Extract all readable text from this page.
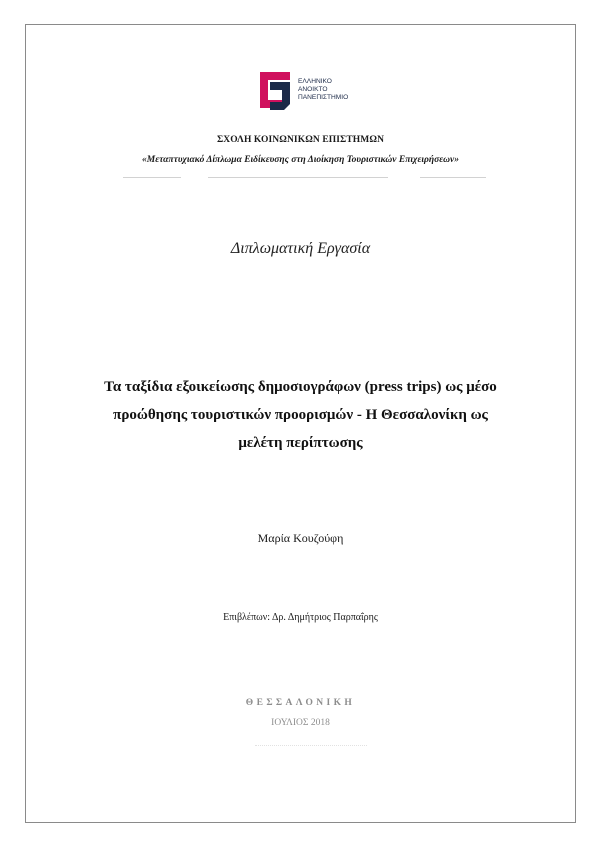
ΕΛΛΗΝΙΚΟ
ΑΝΟΙΚΤΟ
ΠΑΝΕΠΙΣΤΗΜΙΟ
ΣΧΟΛΗ ΚΟΙΝΩΝΙΚΩΝ ΕΠΙΣΤΗΜΩΝ
«Μεταπτυχιακό Δίπλωμα Ειδίκευσης στη Διοίκηση Τουριστικών Επιχειρήσεων»
Διπλωματική Εργασία
Τα ταξίδια εξοικείωσης δημοσιογράφων (press trips) ως μέσο
προώθησης τουριστικών προορισμών - Η Θεσσαλονίκη ως
μελέτη περίπτωσης
Μαρία Κουζούφη
Επιβλέπων: Δρ. Δημήτριος Παρπαΐρης
ΘΕΣΣΑΛΟΝΙΚΗ
ΙΟΥΛΙΟΣ 2018
